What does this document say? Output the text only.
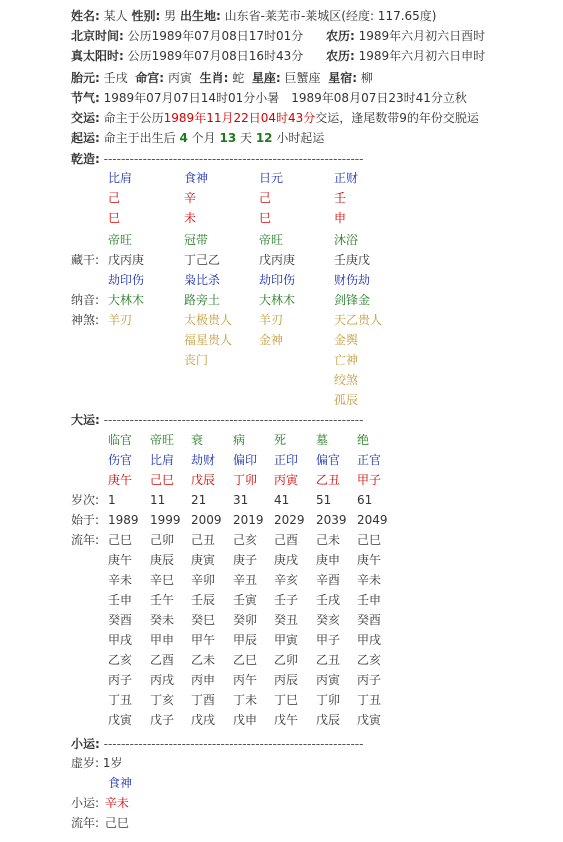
姓名: 某人 性别: 男 出生地: 山东省-莱芜市-莱城区(经度: 117.65度)
北京时间: 公历1989年07月08日17时01分 农历: 1989年六月初六日酉时
真太阳时: 公历1989年07月08日16时43分 农历: 1989年六月初六日申时
胎元: 壬戌 命宫: 丙寅 生肖: 蛇 星座: 巨蟹座 星宿: 柳
节气: 1989年07月07日14时01分小暑　1989年08月07日23时41分立秋
交运: 命主于公历1989年11月22日04时43分交运，逢尾数带9的年份交脱运
起运: 命主于出生后 4 个月 13 天 12 小时起运
乾造: ------------------------------------------------------------
藏干:
纳音:
神煞:
比肩
己
巳
帝旺
戊丙庚
劫印伤
大林木
羊刃
食神
辛
未
冠带
丁己乙
枭比杀
路旁土
太极贵人
福星贵人
丧门
日元
己
巳
帝旺
戊丙庚
劫印伤
大林木
羊刃
金神
正财
壬
申
沐浴
壬庚戊
财伤劫
剑锋金
天乙贵人
金舆
亡神
绞煞
孤辰
大运: ------------------------------------------------------------
岁次:
始于:
流年:
临官
伤官
庚午
1
1989
己巳
庚午
辛未
壬申
癸酉
甲戌
乙亥
丙子
丁丑
戊寅
帝旺
比肩
己巳
11
1999
己卯
庚辰
辛巳
壬午
癸未
甲申
乙酉
丙戌
丁亥
戊子
衰
劫财
戊辰
21
2009
己丑
庚寅
辛卯
壬辰
癸巳
甲午
乙未
丙申
丁酉
戊戌
病
偏印
丁卯
31
2019
己亥
庚子
辛丑
壬寅
癸卯
甲辰
乙巳
丙午
丁未
戊申
死
正印
丙寅
41
2029
己酉
庚戌
辛亥
壬子
癸丑
甲寅
乙卯
丙辰
丁巳
戊午
墓
偏官
乙丑
51
2039
己未
庚申
辛酉
壬戌
癸亥
甲子
乙丑
丙寅
丁卯
戊辰
绝
正官
甲子
61
2049
己巳
庚午
辛未
壬申
癸酉
甲戌
乙亥
丙子
丁丑
戊寅
小运: ------------------------------------------------------------
虚岁: 1岁
食神
小运: 辛未
流年: 己巳
